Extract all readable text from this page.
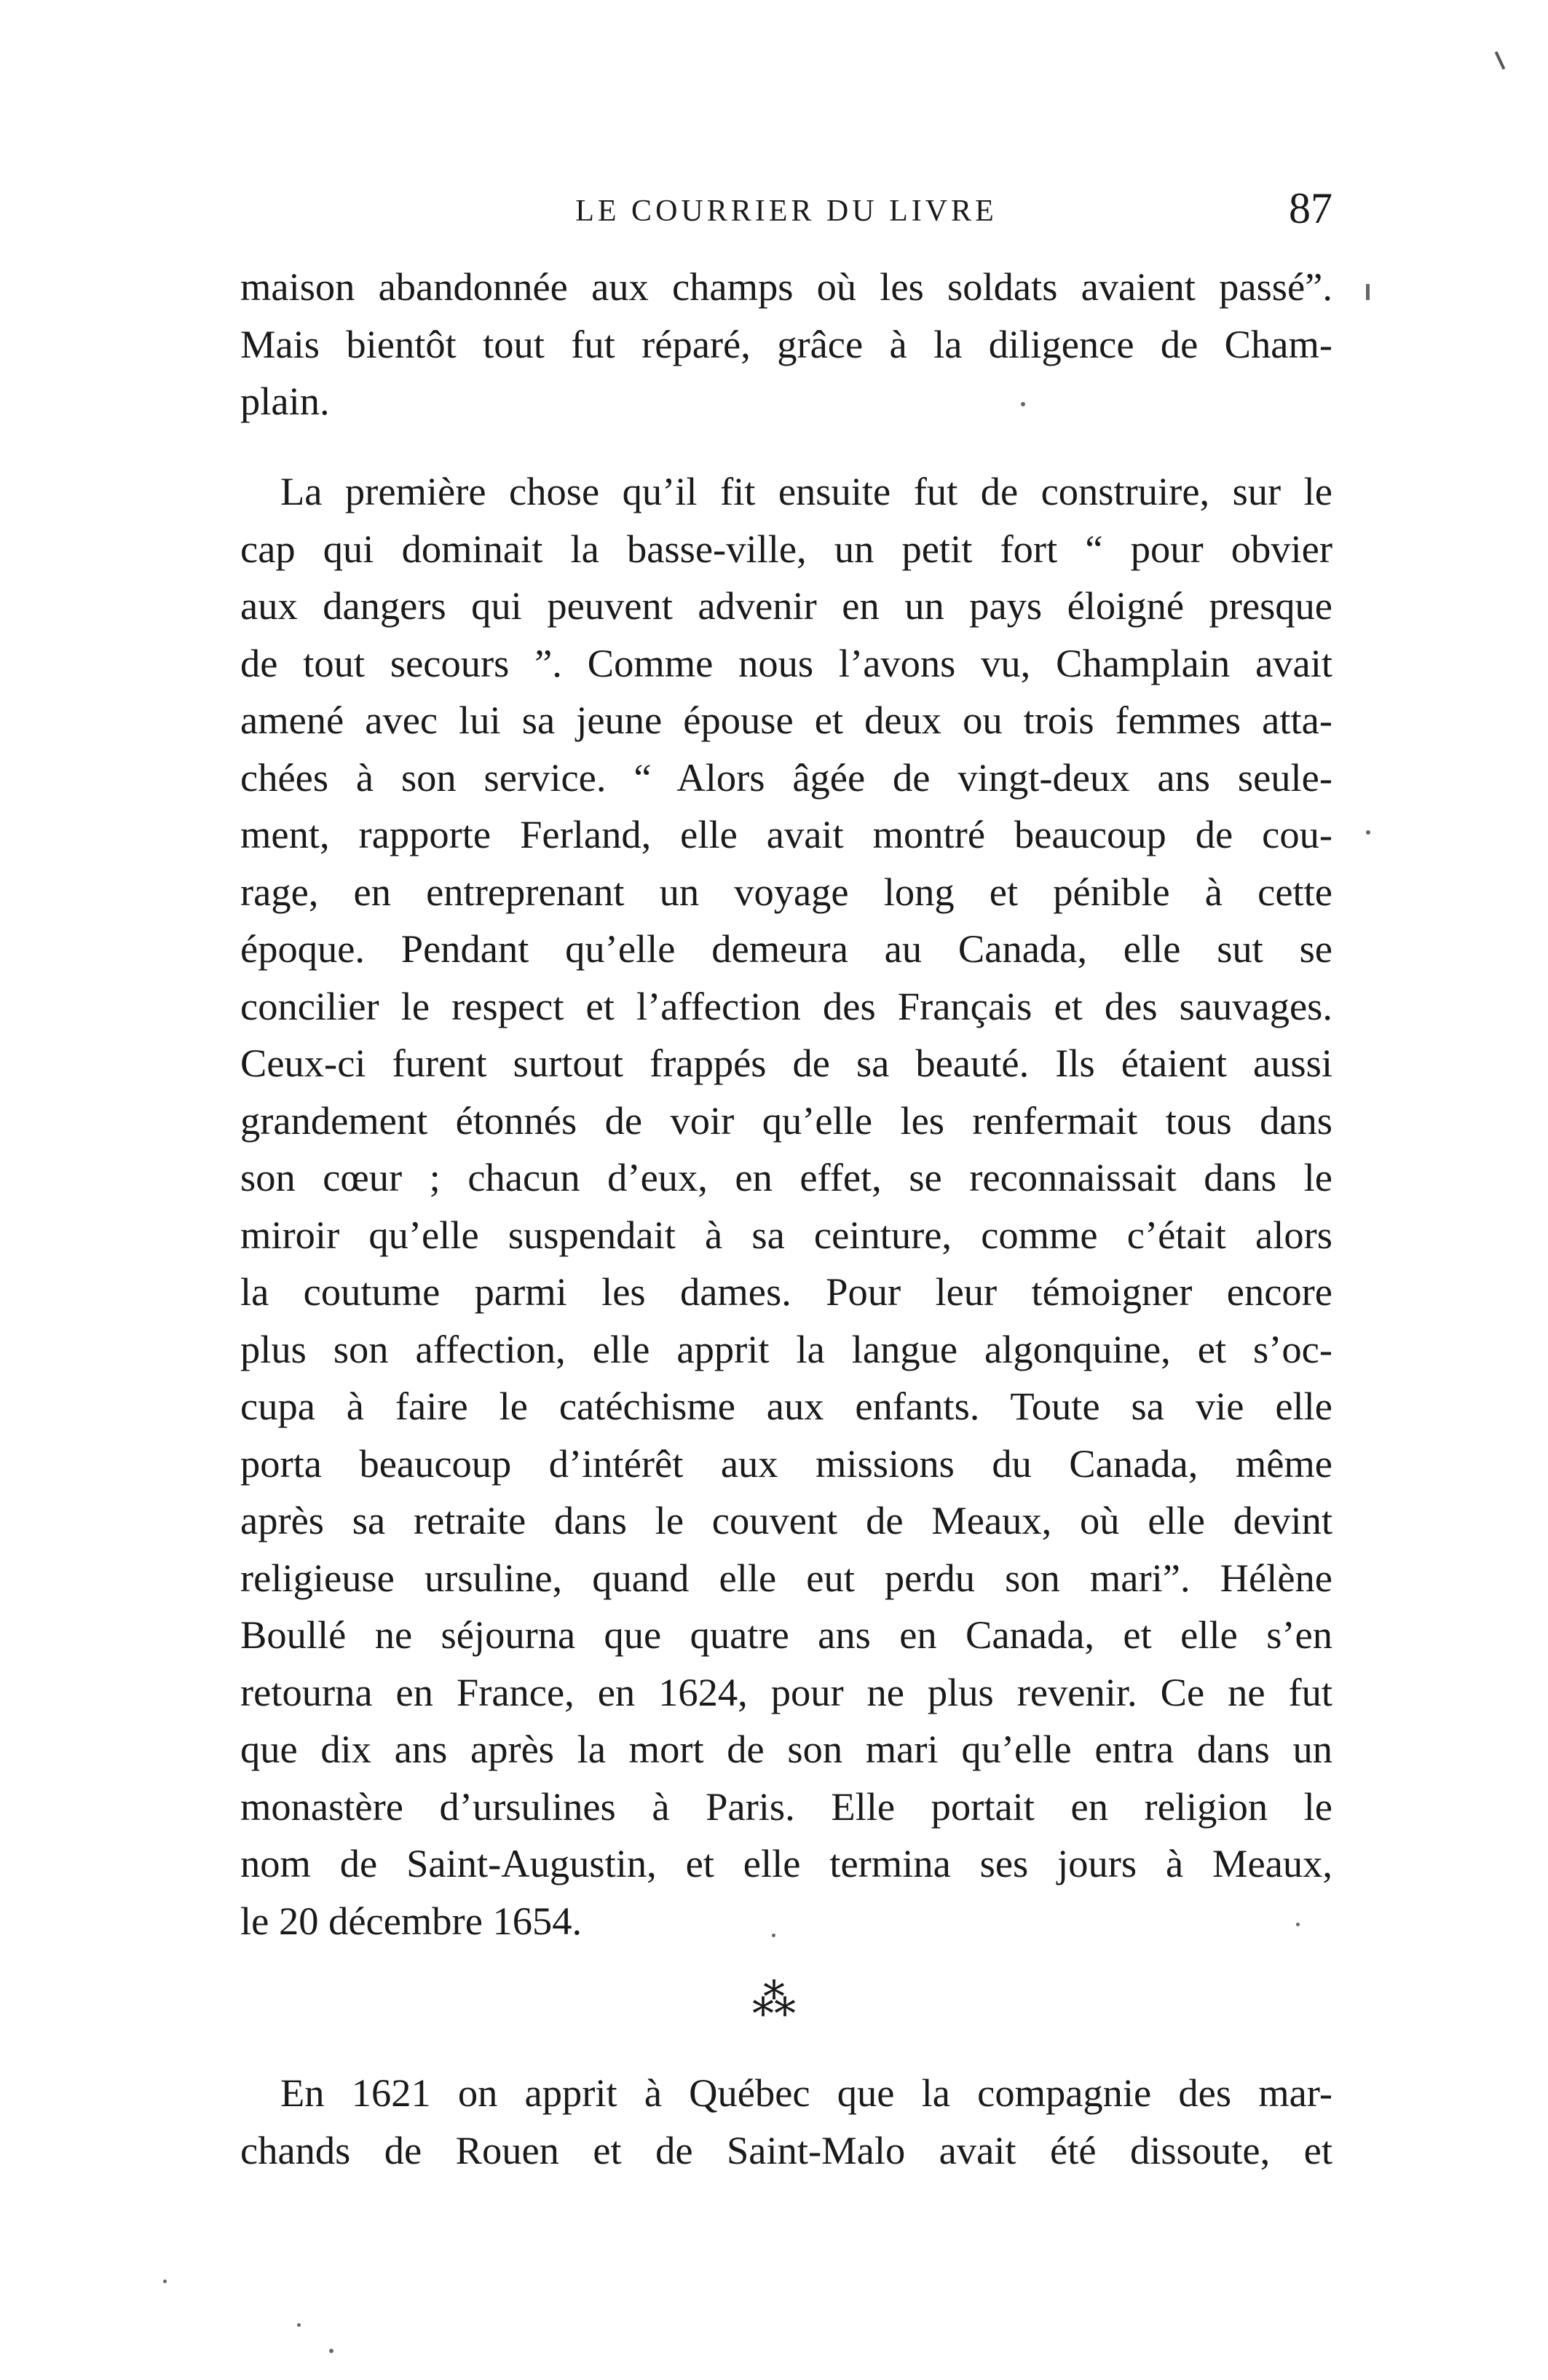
LE COURRIER DU LIVRE	87
maison abandonnée aux champs où les soldats avaient passé”.
Mais bientôt tout fut réparé, grâce à la diligence de Cham-
plain.
La première chose qu’il fit ensuite fut de construire, sur le
cap qui dominait la basse-ville, un petit fort “ pour obvier
aux dangers qui peuvent advenir en un pays éloigné presque
de tout secours ”. Comme nous l’avons vu, Champlain avait
amené avec lui sa jeune épouse et deux ou trois femmes atta-
chées à son service. “ Alors âgée de vingt-deux ans seule-
ment, rapporte Ferland, elle avait montré beaucoup de cou-
rage, en entreprenant un voyage long et pénible à cette
époque. Pendant qu’elle demeura au Canada, elle sut se
concilier le respect et l’affection des Français et des sauvages.
Ceux-ci furent surtout frappés de sa beauté. Ils étaient aussi
grandement étonnés de voir qu’elle les renfermait tous dans
son cœur ; chacun d’eux, en effet, se reconnaissait dans le
miroir qu’elle suspendait à sa ceinture, comme c’était alors
la coutume parmi les dames. Pour leur témoigner encore
plus son affection, elle apprit la langue algonquine, et s’oc-
cupa à faire le catéchisme aux enfants. Toute sa vie elle
porta beaucoup d’intérêt aux missions du Canada, même
après sa retraite dans le couvent de Meaux, où elle devint
religieuse ursuline, quand elle eut perdu son mari”. Hélène
Boullé ne séjourna que quatre ans en Canada, et elle s’en
retourna en France, en 1624, pour ne plus revenir. Ce ne fut
que dix ans après la mort de son mari qu’elle entra dans un
monastère d’ursulines à Paris. Elle portait en religion le
nom de Saint-Augustin, et elle termina ses jours à Meaux,
le 20 décembre 1654.
⁂
En 1621 on apprit à Québec que la compagnie des mar-
chands de Rouen et de Saint-Malo avait été dissoute, et
